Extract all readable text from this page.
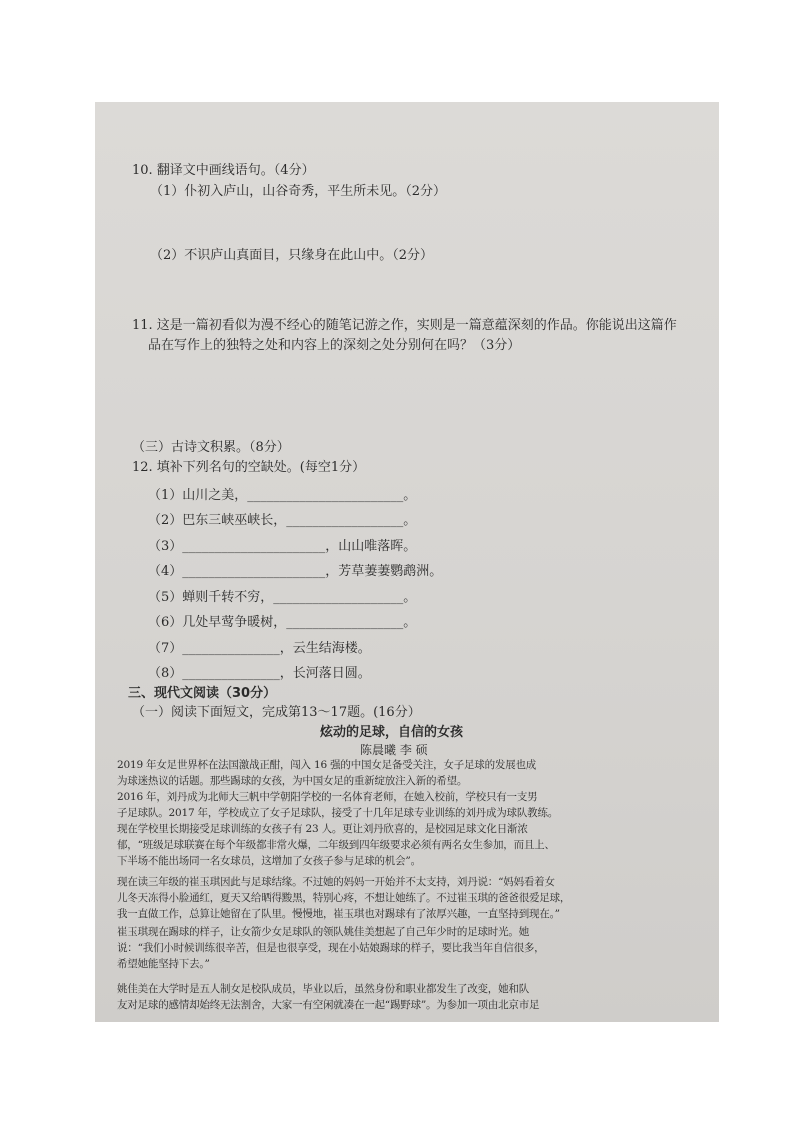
10. 翻译文中画线语句。（4分）
（1）仆初入庐山，山谷奇秀，平生所未见。（2分）
（2）不识庐山真面目，只缘身在此山中。（2分）
11. 这是一篇初看似为漫不经心的随笔记游之作，实则是一篇意蕴深刻的作品。你能说出这篇作
品在写作上的独特之处和内容上的深刻之处分别何在吗？（3分）
（三）古诗文积累。（8分）
12. 填补下列名句的空缺处。(每空1分）
（1）山川之美，________________________。
（2）巴东三峡巫峡长，__________________。
（3）______________________，山山唯落晖。
（4）______________________，芳草萋萋鹦鹉洲。
（5）蝉则千转不穷，____________________。
（6）几处早莺争暖树，__________________。
（7）_______________，云生结海楼。
（8）_______________，长河落日圆。
三、现代文阅读（30分）
（一）阅读下面短文，完成第13～17题。(16分）
炫动的足球，自信的女孩
陈晨曦 李 硕
2019 年女足世界杯在法国激战正酣，闯入 16 强的中国女足备受关注，女子足球的发展也成
为球迷热议的话题。那些踢球的女孩，为中国女足的重新绽放注入新的希望。
2016 年，刘丹成为北师大三帆中学朝阳学校的一名体育老师，在她入校前，学校只有一支男
子足球队。2017 年，学校成立了女子足球队，接受了十几年足球专业训练的刘丹成为球队教练。
现在学校里长期接受足球训练的女孩子有 23 人。更让刘丹欣喜的，是校园足球文化日渐浓
郁，“班级足球联赛在每个年级都非常火爆，二年级到四年级要求必须有两名女生参加，而且上、
下半场不能出场同一名女球员，这增加了女孩子参与足球的机会”。
现在读三年级的崔玉琪因此与足球结缘。不过她的妈妈一开始并不太支持，刘丹说：“妈妈看着女
儿冬天冻得小脸通红，夏天又给晒得黢黑，特别心疼，不想让她练了。不过崔玉琪的爸爸很爱足球，
我一直做工作，总算让她留在了队里。慢慢地，崔玉琪也对踢球有了浓厚兴趣，一直坚持到现在。”
崔玉琪现在踢球的样子，让女箭少女足球队的领队姚佳美想起了自己年少时的足球时光。她
说：“我们小时候训练很辛苦，但是也很享受，现在小姑娘踢球的样子，要比我当年自信很多，
希望她能坚持下去。”
姚佳美在大学时是五人制女足校队成员，毕业以后，虽然身份和职业都发生了改变，她和队
友对足球的感情却始终无法割舍，大家一有空闲就凑在一起“踢野球”。为参加一项由北京市足
